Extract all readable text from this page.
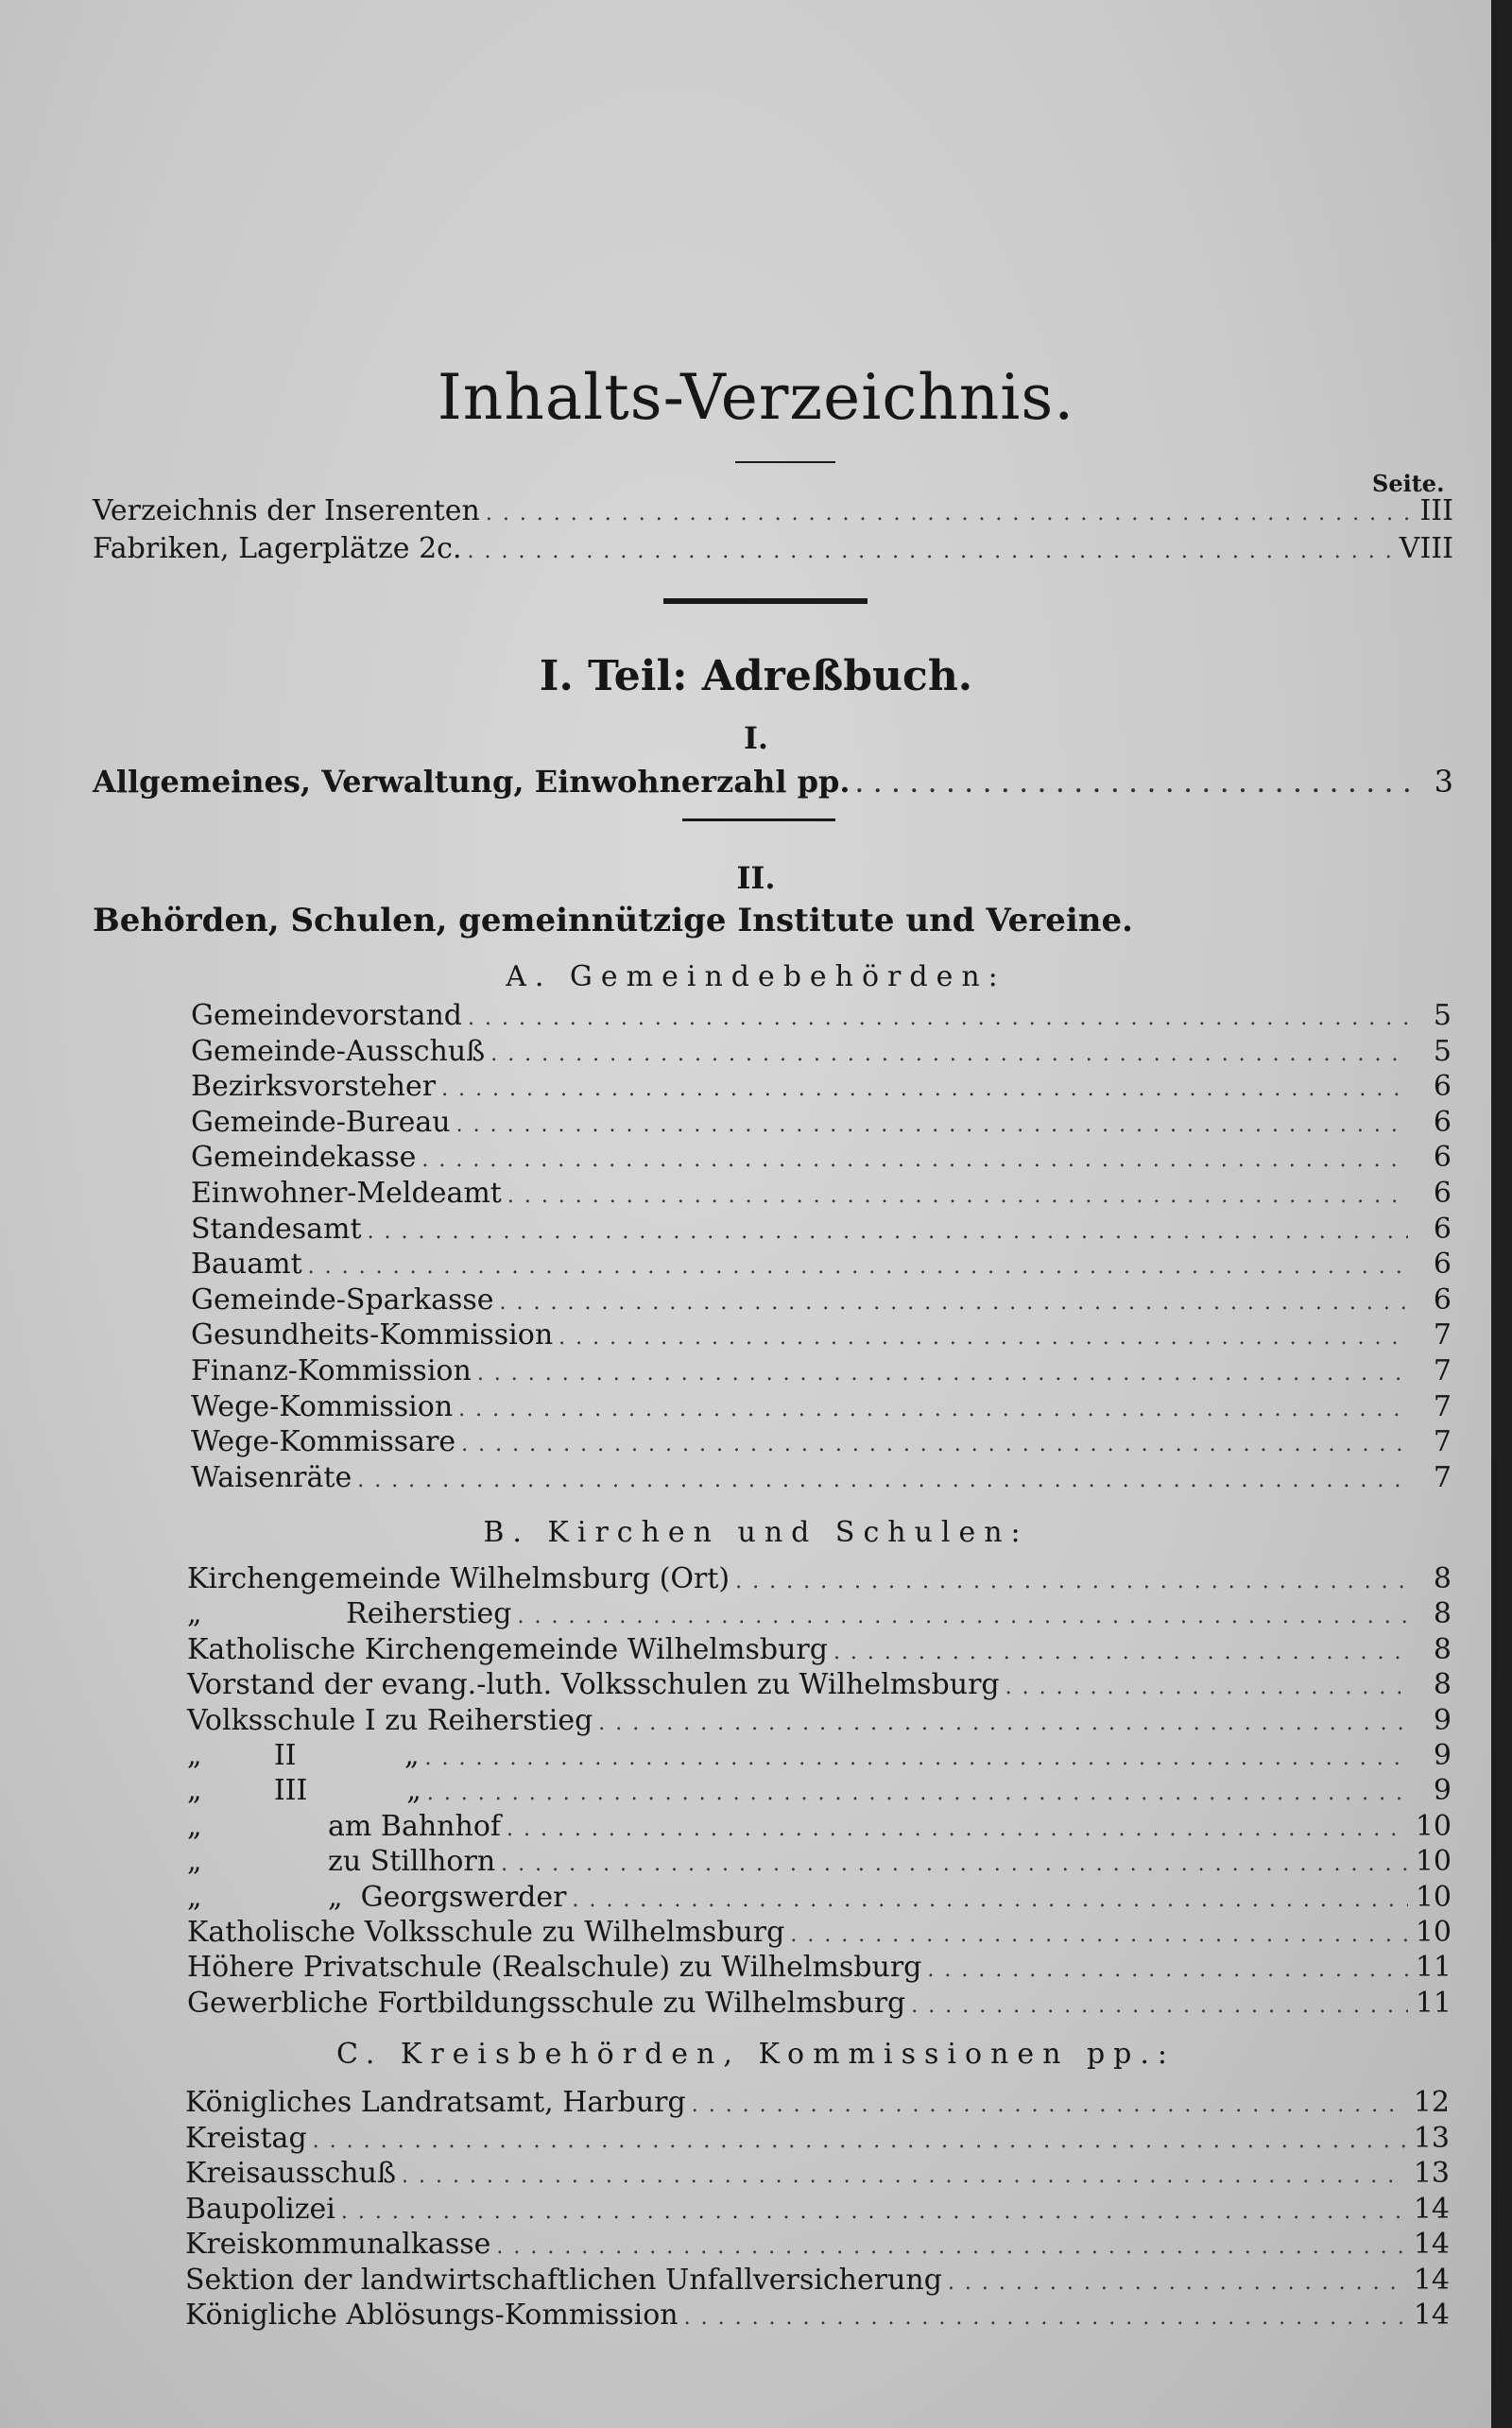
Inhalts-Verzeichnis.
Seite.
Verzeichnis der Inserenten . . .	III
Fabriken, Lagerplätze 2c. . . .	VIII
I. Teil: Adreßbuch.
I.
Allgemeines, Verwaltung, Einwohnerzahl pp. . . .	3
II.
Behörden, Schulen, gemeinnützige Institute und Vereine.
A. Gemeindebehörden:
Gemeindevorstand . . .	5
Gemeinde-Ausschuß . . .	5
Bezirksvorsteher . . .	6
Gemeinde-Bureau . . .	6
Gemeindekasse . . .	6
Einwohner-Meldeamt . . .	6
Standesamt . . .	6
Bauamt . . .	6
Gemeinde-Sparkasse . . .	6
Gesundheits-Kommission . . .	7
Finanz-Kommission . . .	7
Wege-Kommission . . .	7
Wege-Kommissare . . .	7
Waisenräte . . .	7
B. Kirchen und Schulen:
Kirchengemeinde Wilhelmsburg (Ort) . . .	8
„                Reiherstieg . . .	8
Katholische Kirchengemeinde Wilhelmsburg . . .	8
Vorstand der evang.-luth. Volksschulen zu Wilhelmsburg . . .	8
Volksschule I zu Reiherstieg . . .	9
„        II            „ . . .	9
„        III           „ . . .	9
„              am Bahnhof . . .	10
„              zu Stillhorn . . .	10
„              „  Georgswerder . . .	10
Katholische Volksschule zu Wilhelmsburg . . .	10
Höhere Privatschule (Realschule) zu Wilhelmsburg . . .	11
Gewerbliche Fortbildungsschule zu Wilhelmsburg . . .	11
C. Kreisbehörden, Kommissionen pp.:
Königliches Landratsamt, Harburg . . .	12
Kreistag . . .	13
Kreisausschuß . . .	13
Baupolizei . . .	14
Kreiskommunalkasse . . .	14
Sektion der landwirtschaftlichen Unfallversicherung . . .	14
Königliche Ablösungs-Kommission . . .	14
